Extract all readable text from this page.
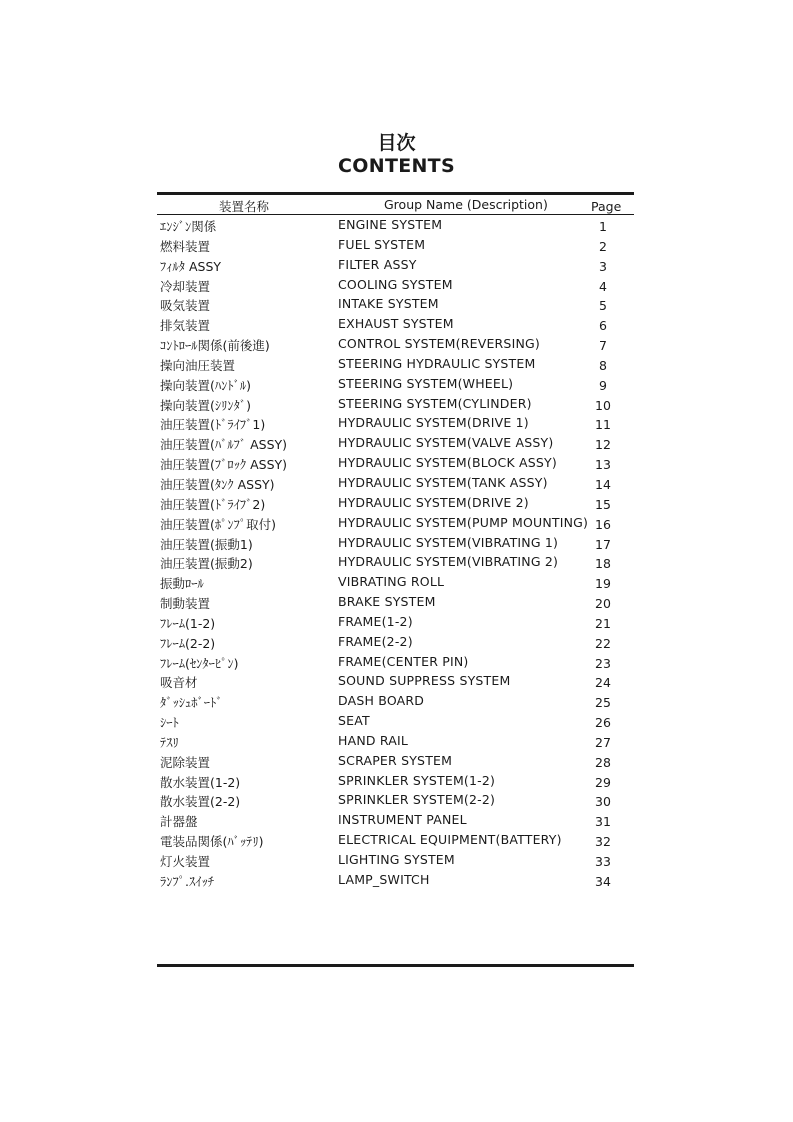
目次
CONTENTS
装置名称	Group Name (Description)	Page
ｴﾝｼﾞﾝ関係	ENGINE SYSTEM	1
燃料装置	FUEL SYSTEM	2
ﾌｨﾙﾀ ASSY	FILTER ASSY	3
冷却装置	COOLING SYSTEM	4
吸気装置	INTAKE SYSTEM	5
排気装置	EXHAUST SYSTEM	6
ｺﾝﾄﾛｰﾙ関係(前後進)	CONTROL SYSTEM(REVERSING)	7
操向油圧装置	STEERING HYDRAULIC SYSTEM	8
操向装置(ﾊﾝﾄﾞﾙ)	STEERING SYSTEM(WHEEL)	9
操向装置(ｼﾘﾝﾀﾞ)	STEERING SYSTEM(CYLINDER)	10
油圧装置(ﾄﾞﾗｲﾌﾞ1)	HYDRAULIC SYSTEM(DRIVE 1)	11
油圧装置(ﾊﾞﾙﾌﾞ ASSY)	HYDRAULIC SYSTEM(VALVE ASSY)	12
油圧装置(ﾌﾞﾛｯｸ ASSY)	HYDRAULIC SYSTEM(BLOCK ASSY)	13
油圧装置(ﾀﾝｸ ASSY)	HYDRAULIC SYSTEM(TANK ASSY)	14
油圧装置(ﾄﾞﾗｲﾌﾞ2)	HYDRAULIC SYSTEM(DRIVE 2)	15
油圧装置(ﾎﾟﾝﾌﾟ取付)	HYDRAULIC SYSTEM(PUMP MOUNTING) 16
油圧装置(振動1)	HYDRAULIC SYSTEM(VIBRATING 1)	17
油圧装置(振動2)	HYDRAULIC SYSTEM(VIBRATING 2)	18
振動ﾛｰﾙ	VIBRATING ROLL	19
制動装置	BRAKE SYSTEM	20
ﾌﾚｰﾑ(1-2)	FRAME(1-2)	21
ﾌﾚｰﾑ(2-2)	FRAME(2-2)	22
ﾌﾚｰﾑ(ｾﾝﾀｰﾋﾟﾝ)	FRAME(CENTER PIN)	23
吸音材	SOUND SUPPRESS SYSTEM	24
ﾀﾞｯｼｭﾎﾞｰﾄﾞ	DASH BOARD	25
ｼｰﾄ	SEAT	26
ﾃｽﾘ	HAND RAIL	27
泥除装置	SCRAPER SYSTEM	28
散水装置(1-2)	SPRINKLER SYSTEM(1-2)	29
散水装置(2-2)	SPRINKLER SYSTEM(2-2)	30
計器盤	INSTRUMENT PANEL	31
電装品関係(ﾊﾞｯﾃﾘ)	ELECTRICAL EQUIPMENT(BATTERY)	32
灯火装置	LIGHTING SYSTEM	33
ﾗﾝﾌﾟ.ｽｲｯﾁ	LAMP_SWITCH	34
